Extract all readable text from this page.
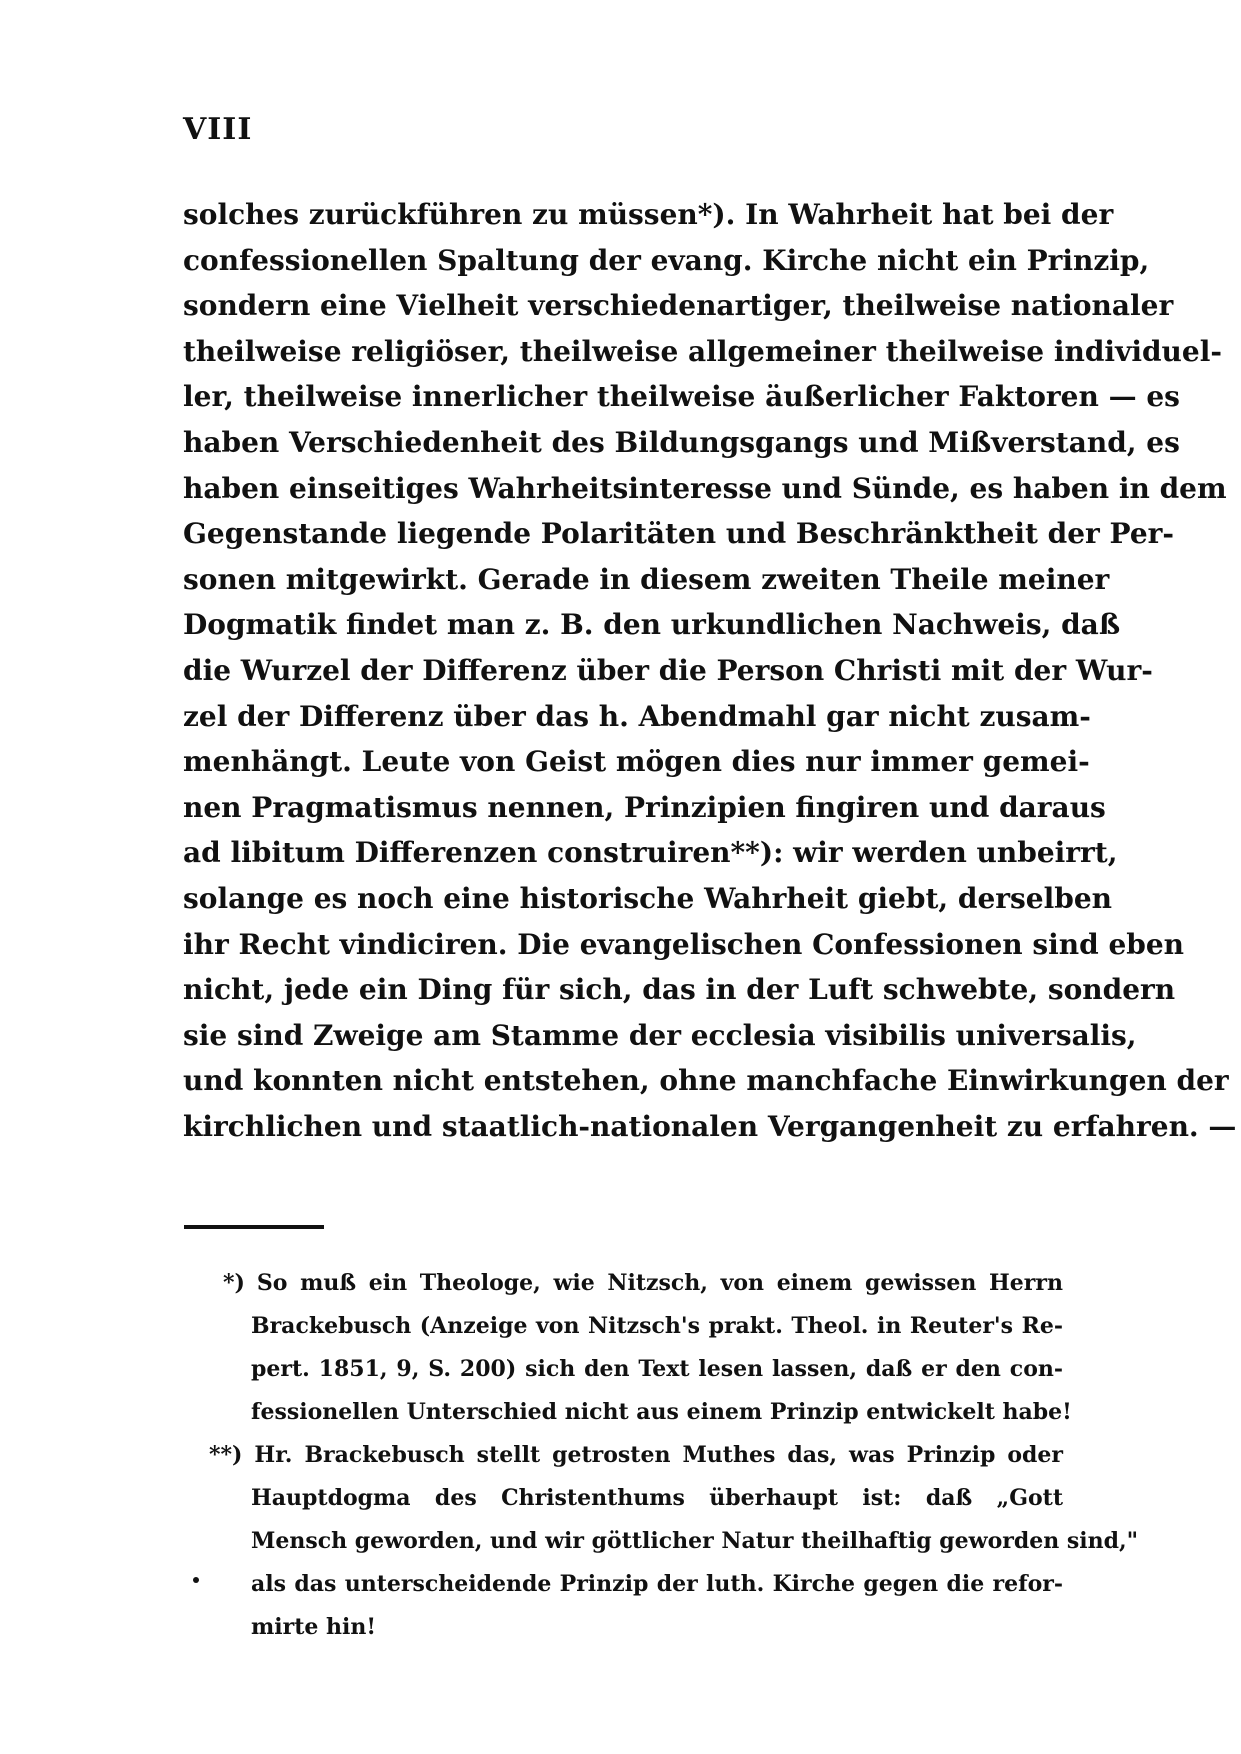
VIII
solches zurückführen zu müssen*). In Wahrheit hat bei der
confessionellen Spaltung der evang. Kirche nicht ein Prinzip,
sondern eine Vielheit verschiedenartiger, theilweise nationaler
theilweise religiöser, theilweise allgemeiner theilweise individuel-
ler, theilweise innerlicher theilweise äußerlicher Faktoren — es
haben Verschiedenheit des Bildungsgangs und Mißverstand, es
haben einseitiges Wahrheitsinteresse und Sünde, es haben in dem
Gegenstande liegende Polaritäten und Beschränktheit der Per-
sonen mitgewirkt. Gerade in diesem zweiten Theile meiner
Dogmatik findet man z. B. den urkundlichen Nachweis, daß
die Wurzel der Differenz über die Person Christi mit der Wur-
zel der Differenz über das h. Abendmahl gar nicht zusam-
menhängt. Leute von Geist mögen dies nur immer gemei-
nen Pragmatismus nennen, Prinzipien fingiren und daraus
ad libitum Differenzen construiren**): wir werden unbeirrt,
solange es noch eine historische Wahrheit giebt, derselben
ihr Recht vindiciren. Die evangelischen Confessionen sind eben
nicht, jede ein Ding für sich, das in der Luft schwebte, sondern
sie sind Zweige am Stamme der ecclesia visibilis universalis,
und konnten nicht entstehen, ohne manchfache Einwirkungen der
kirchlichen und staatlich-nationalen Vergangenheit zu erfahren. —
*) So muß ein Theologe, wie Nitzsch, von einem gewissen Herrn
Brackebusch (Anzeige von Nitzsch's prakt. Theol. in Reuter's Re-
pert. 1851, 9, S. 200) sich den Text lesen lassen, daß er den con-
fessionellen Unterschied nicht aus einem Prinzip entwickelt habe!
**) Hr. Brackebusch stellt getrosten Muthes das, was Prinzip oder
Hauptdogma des Christenthums überhaupt ist: daß „Gott
Mensch geworden, und wir göttlicher Natur theilhaftig geworden sind,"
als das unterscheidende Prinzip der luth. Kirche gegen die refor-
mirte hin!
